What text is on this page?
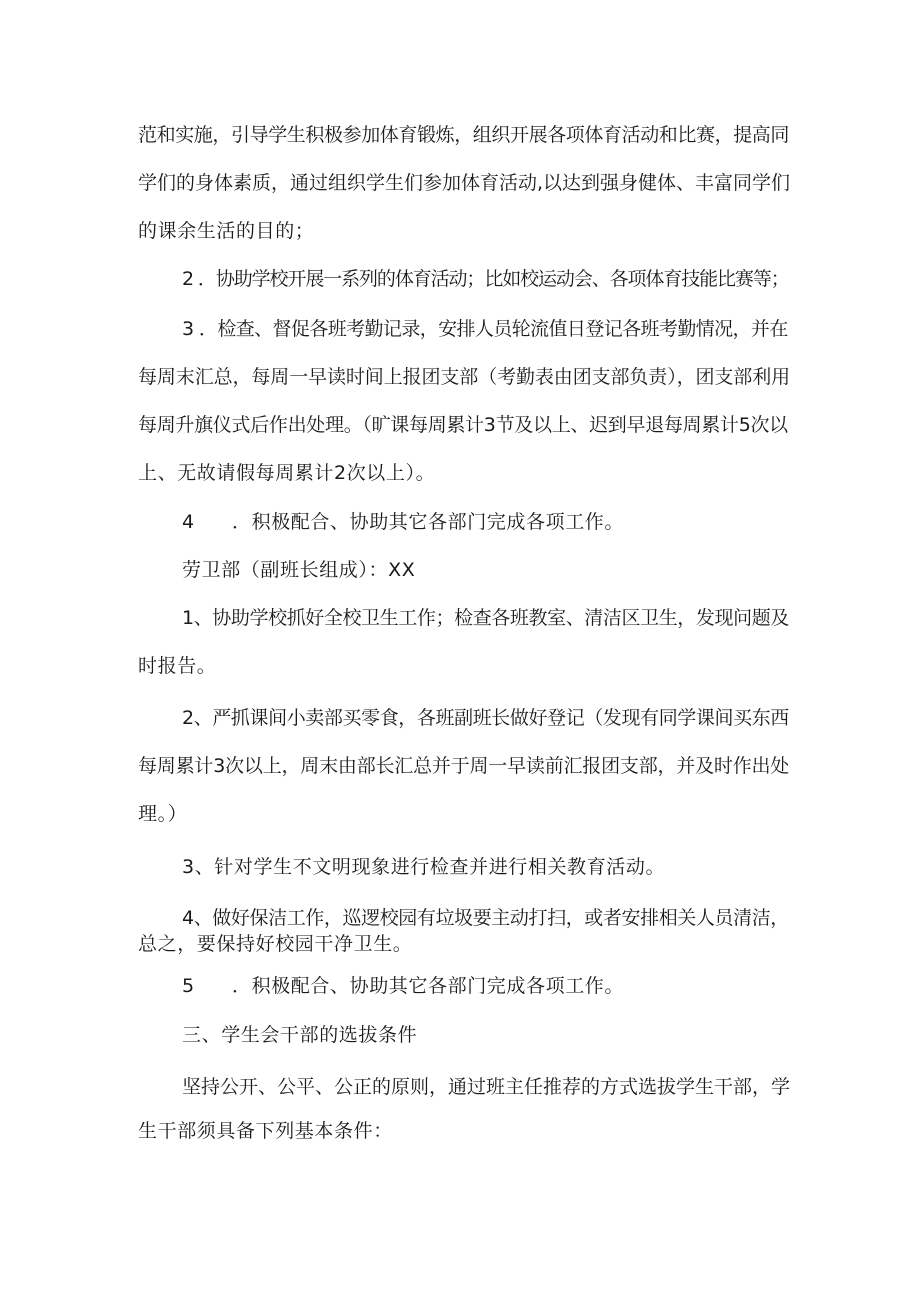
范和实施，引导学生积极参加体育锻炼，组织开展各项体育活动和比赛，提高同
学们的身体素质，通过组织学生们参加体育活动,以达到强身健体、丰富同学们
的课余生活的目的；
2 ．协助学校开展一系列的体育活动；比如校运动会、各项体育技能比赛等；
3 ．检查、督促各班考勤记录，安排人员轮流值日登记各班考勤情况，并在
每周末汇总，每周一早读时间上报团支部（考勤表由团支部负责），团支部利用
每周升旗仪式后作出处理。（旷课每周累计3节及以上、迟到早退每周累计5次以
上、无故请假每周累计2次以上）。
4 ．积极配合、协助其它各部门完成各项工作。
劳卫部（副班长组成）：XX
1、协助学校抓好全校卫生工作；检查各班教室、清洁区卫生，发现问题及
时报告。
2、严抓课间小卖部买零食，各班副班长做好登记（发现有同学课间买东西
每周累计3次以上，周末由部长汇总并于周一早读前汇报团支部，并及时作出处
理。）
3、针对学生不文明现象进行检查并进行相关教育活动。
4、做好保洁工作，巡逻校园有垃圾要主动打扫，或者安排相关人员清洁，
总之，要保持好校园干净卫生。
5 ．积极配合、协助其它各部门完成各项工作。
三、学生会干部的选拔条件
坚持公开、公平、公正的原则，通过班主任推荐的方式选拔学生干部，学
生干部须具备下列基本条件：
